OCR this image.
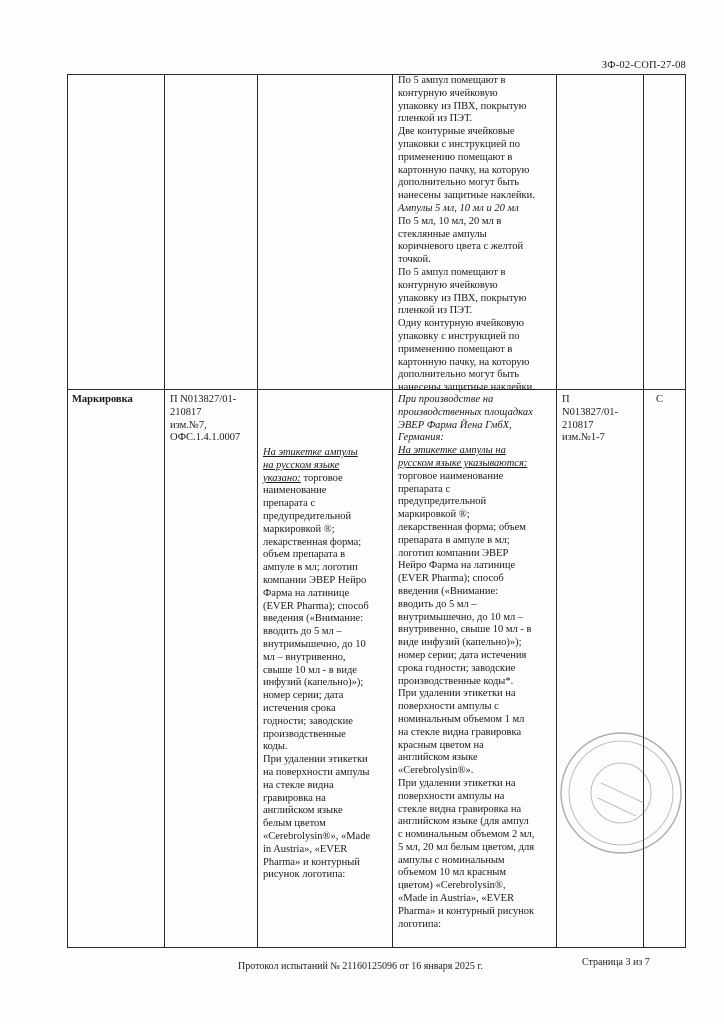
ЗФ-02-СОП-27-08

По 5 ампул помещают в

контурную ячейковую

упаковку из ПВХ, покрытую

пленкой из ПЭТ.

Две контурные ячейковые

упаковки с инструкцией по

применению помещают в

картонную пачку, на которую

дополнительно могут быть

нанесены защитные наклейки.

Ампулы 5 мл, 10 мл и 20 мл

По 5 мл, 10 мл, 20 мл в

стеклянные ампулы

коричневого цвета с желтой

точкой.

По 5 ампул помещают в

контурную ячейковую

упаковку из ПВХ, покрытую

пленкой из ПЭТ.

Одну контурную ячейковую

упаковку с инструкцией по

применению помещают в

картонную пачку, на которую

дополнительно могут быть

нанесены защитные наклейки.

Маркировка	П N013827/01-

210817

изм.№7,

ОФС.1.4.1.0007

На этикетке ампулы

на русском языке

указано: торговое

наименование

препарата с

предупредительной

маркировкой ®;

лекарственная форма;

объем препарата в

ампуле в мл; логотип

компании ЭВЕР Нейро

Фарма на латинице

(EVER Pharma); способ

введения («Внимание:

вводить до 5 мл –

внутримышечно, до 10

мл – внутривенно,

свыше 10 мл - в виде

инфузий (капельно)»);

номер серии; дата

истечения срока

годности; заводские

производственные

коды.

При удалении этикетки

на поверхности ампулы

на стекле видна

гравировка на

английском языке

белым цветом

«Cerebrolysin®», «Made

in Austria», «EVER

Pharma» и контурный

рисунок логотипа:

При производстве на

производственных площадках

ЭВЕР Фарма Йена ГмбХ,

Германия:

На этикетке ампулы на

русском языке указываются:

торговое наименование

препарата с

предупредительной

маркировкой ®;

лекарственная форма; объем

препарата в ампуле в мл;

логотип компании ЭВЕР

Нейро Фарма на латинице

(EVER Pharma); способ

введения («Внимание:

вводить до 5 мл –

внутримышечно, до 10 мл –

внутривенно, свыше 10 мл - в

виде инфузий (капельно)»);

номер серии; дата истечения

срока годности; заводские

производственные коды*.

При удалении этикетки на

поверхности ампулы с

номинальным объемом 1 мл

на стекле видна гравировка

красным цветом на

английском языке

«Cerebrolysin®».

При удалении этикетки на

поверхности ампулы на

стекле видна гравировка на

английском языке (для ампул

с номинальным объемом 2 мл,

5 мл, 20 мл белым цветом, для

ампулы с номинальным

объемом 10 мл красным

цветом) «Cerebrolysin®,

«Made in Austria», «EVER

Pharma» и контурный рисунок

логотипа:

П

N013827/01-

210817

изм.№1-7

С
Протокол испытаний № 21160125096 от 16 января 2025 г.	Страница 3 из 7
